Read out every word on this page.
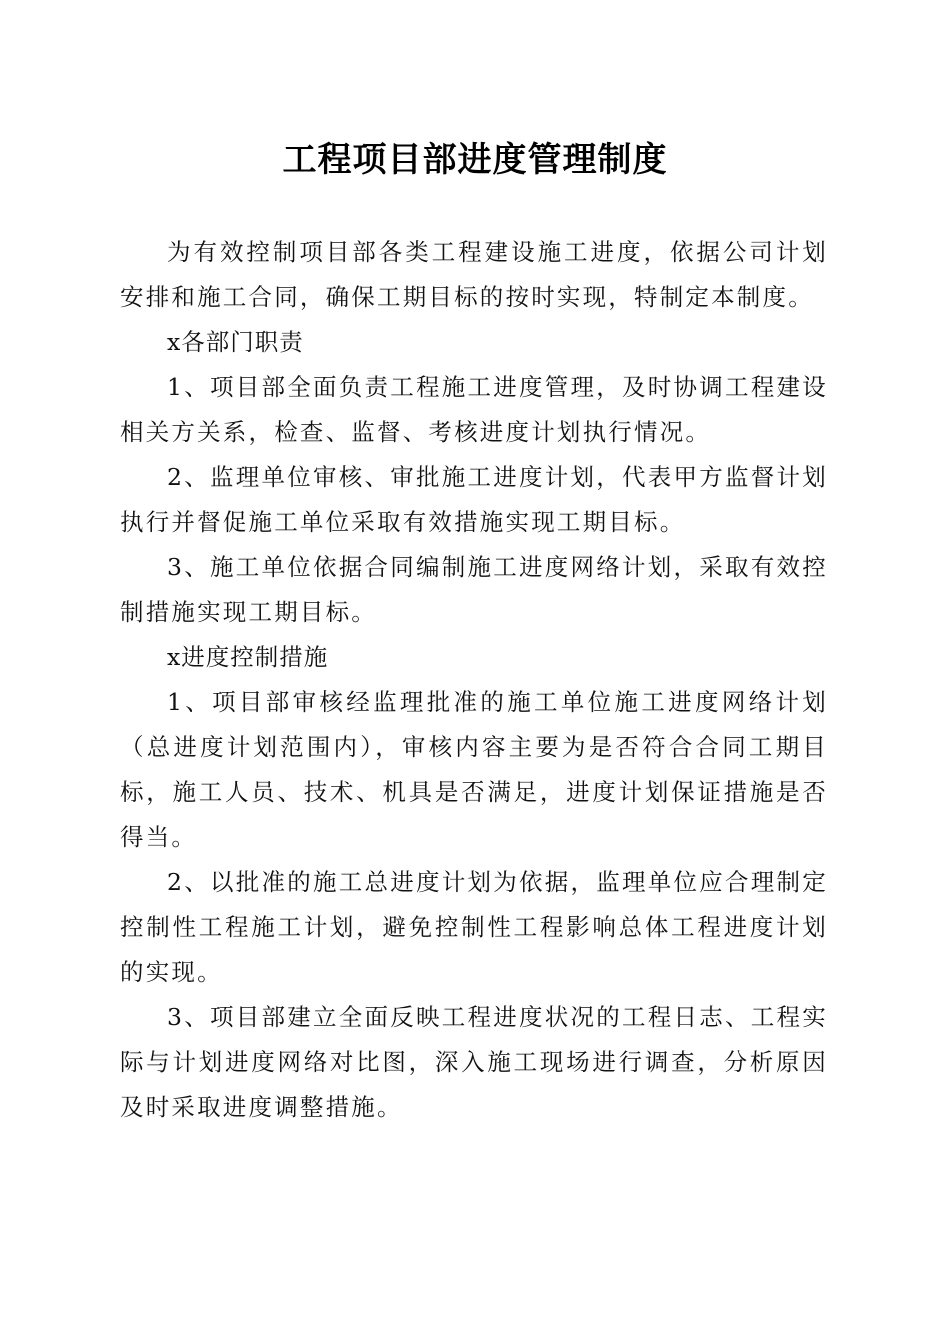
工程项目部进度管理制度

为有效控制项目部各类工程建设施工进度，依据公司计划安排和施工合同，确保工期目标的按时实现，特制定本制度。

x各部门职责

1、项目部全面负责工程施工进度管理，及时协调工程建设相关方关系，检查、监督、考核进度计划执行情况。

2、监理单位审核、审批施工进度计划，代表甲方监督计划执行并督促施工单位采取有效措施实现工期目标。

3、施工单位依据合同编制施工进度网络计划，采取有效控制措施实现工期目标。

x进度控制措施

1、项目部审核经监理批准的施工单位施工进度网络计划（总进度计划范围内），审核内容主要为是否符合合同工期目标，施工人员、技术、机具是否满足，进度计划保证措施是否得当。

2、以批准的施工总进度计划为依据，监理单位应合理制定控制性工程施工计划，避免控制性工程影响总体工程进度计划的实现。

3、项目部建立全面反映工程进度状况的工程日志、工程实际与计划进度网络对比图，深入施工现场进行调查，分析原因及时采取进度调整措施。
